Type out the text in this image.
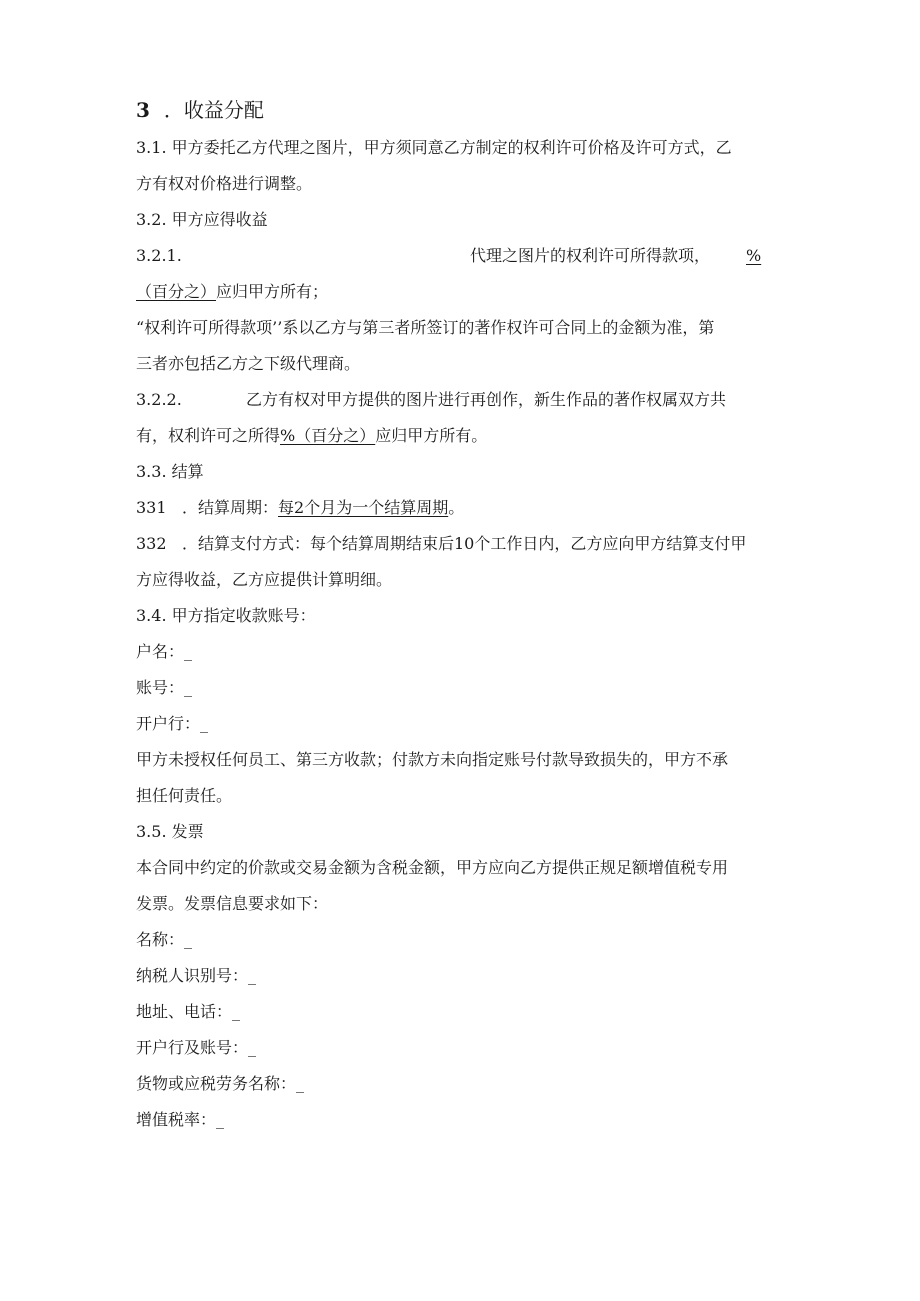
3 ．收益分配
3.1. 甲方委托乙方代理之图片，甲方须同意乙方制定的权利许可价格及许可方式，乙
方有权对价格进行调整。
3.2. 甲方应得收益
3.2.1.	代理之图片的权利许可所得款项， %
（百分之）应归甲方所有；
“权利许可所得款项’’系以乙方与第三者所签订的著作权许可合同上的金额为准，第
三者亦包括乙方之下级代理商。
3.2.2.	乙方有权对甲方提供的图片进行再创作，新生作品的著作权属双方共
有，权利许可之所得%（百分之）应归甲方所有。
3.3. 结算
331 ．结算周期：每2个月为一个结算周期。
332 ．结算支付方式：每个结算周期结束后10个工作日内，乙方应向甲方结算支付甲
方应得收益，乙方应提供计算明细。
3.4. 甲方指定收款账号：
户名：_
账号：_
开户行：_
甲方未授权任何员工、第三方收款；付款方未向指定账号付款导致损失的，甲方不承
担任何责任。
3.5. 发票
本合同中约定的价款或交易金额为含税金额，甲方应向乙方提供正规足额增值税专用
发票。发票信息要求如下：
名称：_
纳税人识别号：_
地址、电话：_
开户行及账号：_
货物或应税劳务名称：_
增值税率：_
